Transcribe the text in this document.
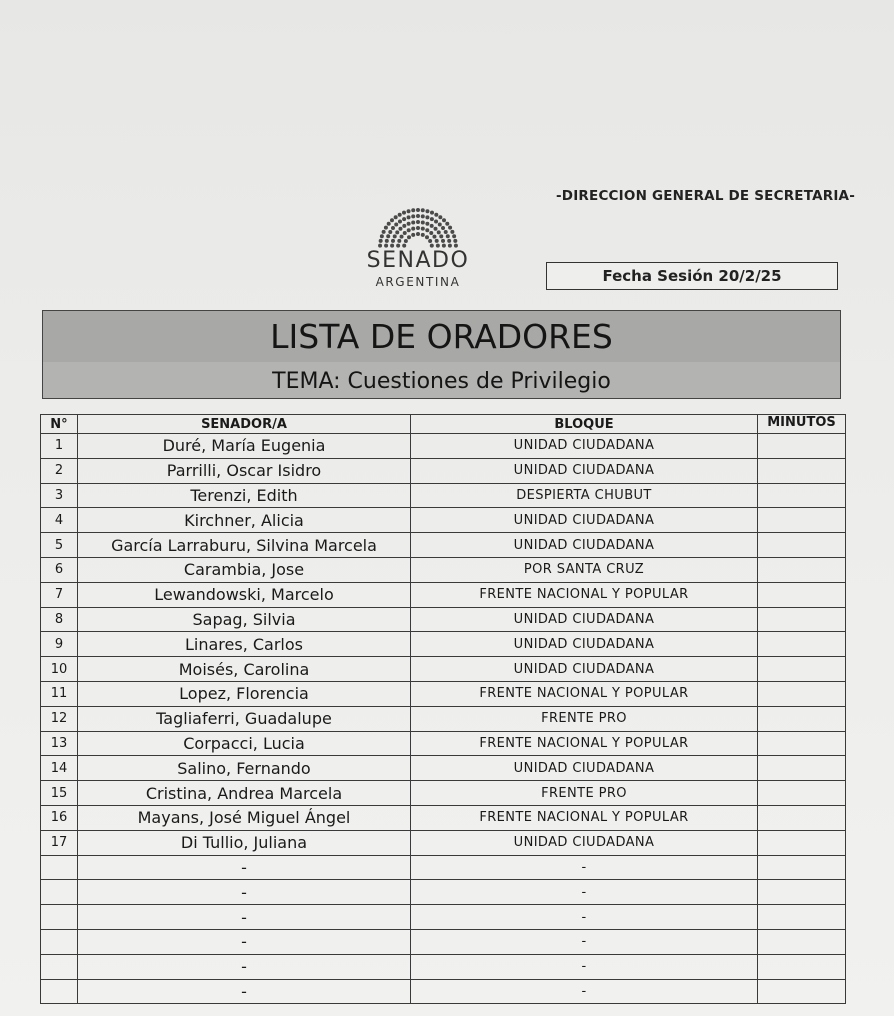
-DIRECCION GENERAL DE SECRETARIA-
SENADO
ARGENTINA	Fecha Sesión 20/2/25
LISTA DE ORADORES
TEMA: Cuestiones de Privilegio
N°	SENADOR/A	BLOQUE	MINUTOS
1	Duré, María Eugenia	UNIDAD CIUDADANA	
2	Parrilli, Oscar Isidro	UNIDAD CIUDADANA	
3	Terenzi, Edith	DESPIERTA CHUBUT	
4	Kirchner, Alicia	UNIDAD CIUDADANA	
5	García Larraburu, Silvina Marcela	UNIDAD CIUDADANA	
6	Carambia, Jose	POR SANTA CRUZ	
7	Lewandowski, Marcelo	FRENTE NACIONAL Y POPULAR	
8	Sapag, Silvia	UNIDAD CIUDADANA	
9	Linares, Carlos	UNIDAD CIUDADANA	
10	Moisés, Carolina	UNIDAD CIUDADANA	
11	Lopez, Florencia	FRENTE NACIONAL Y POPULAR	
12	Tagliaferri, Guadalupe	FRENTE PRO	
13	Corpacci, Lucia	FRENTE NACIONAL Y POPULAR	
14	Salino, Fernando	UNIDAD CIUDADANA	
15	Cristina, Andrea Marcela	FRENTE PRO	
16	Mayans, José Miguel Ángel	FRENTE NACIONAL Y POPULAR	
17	Di Tullio, Juliana	UNIDAD CIUDADANA	
	-	-	
	-	-	
	-	-	
	-	-	
	-	-	
	-	-	
